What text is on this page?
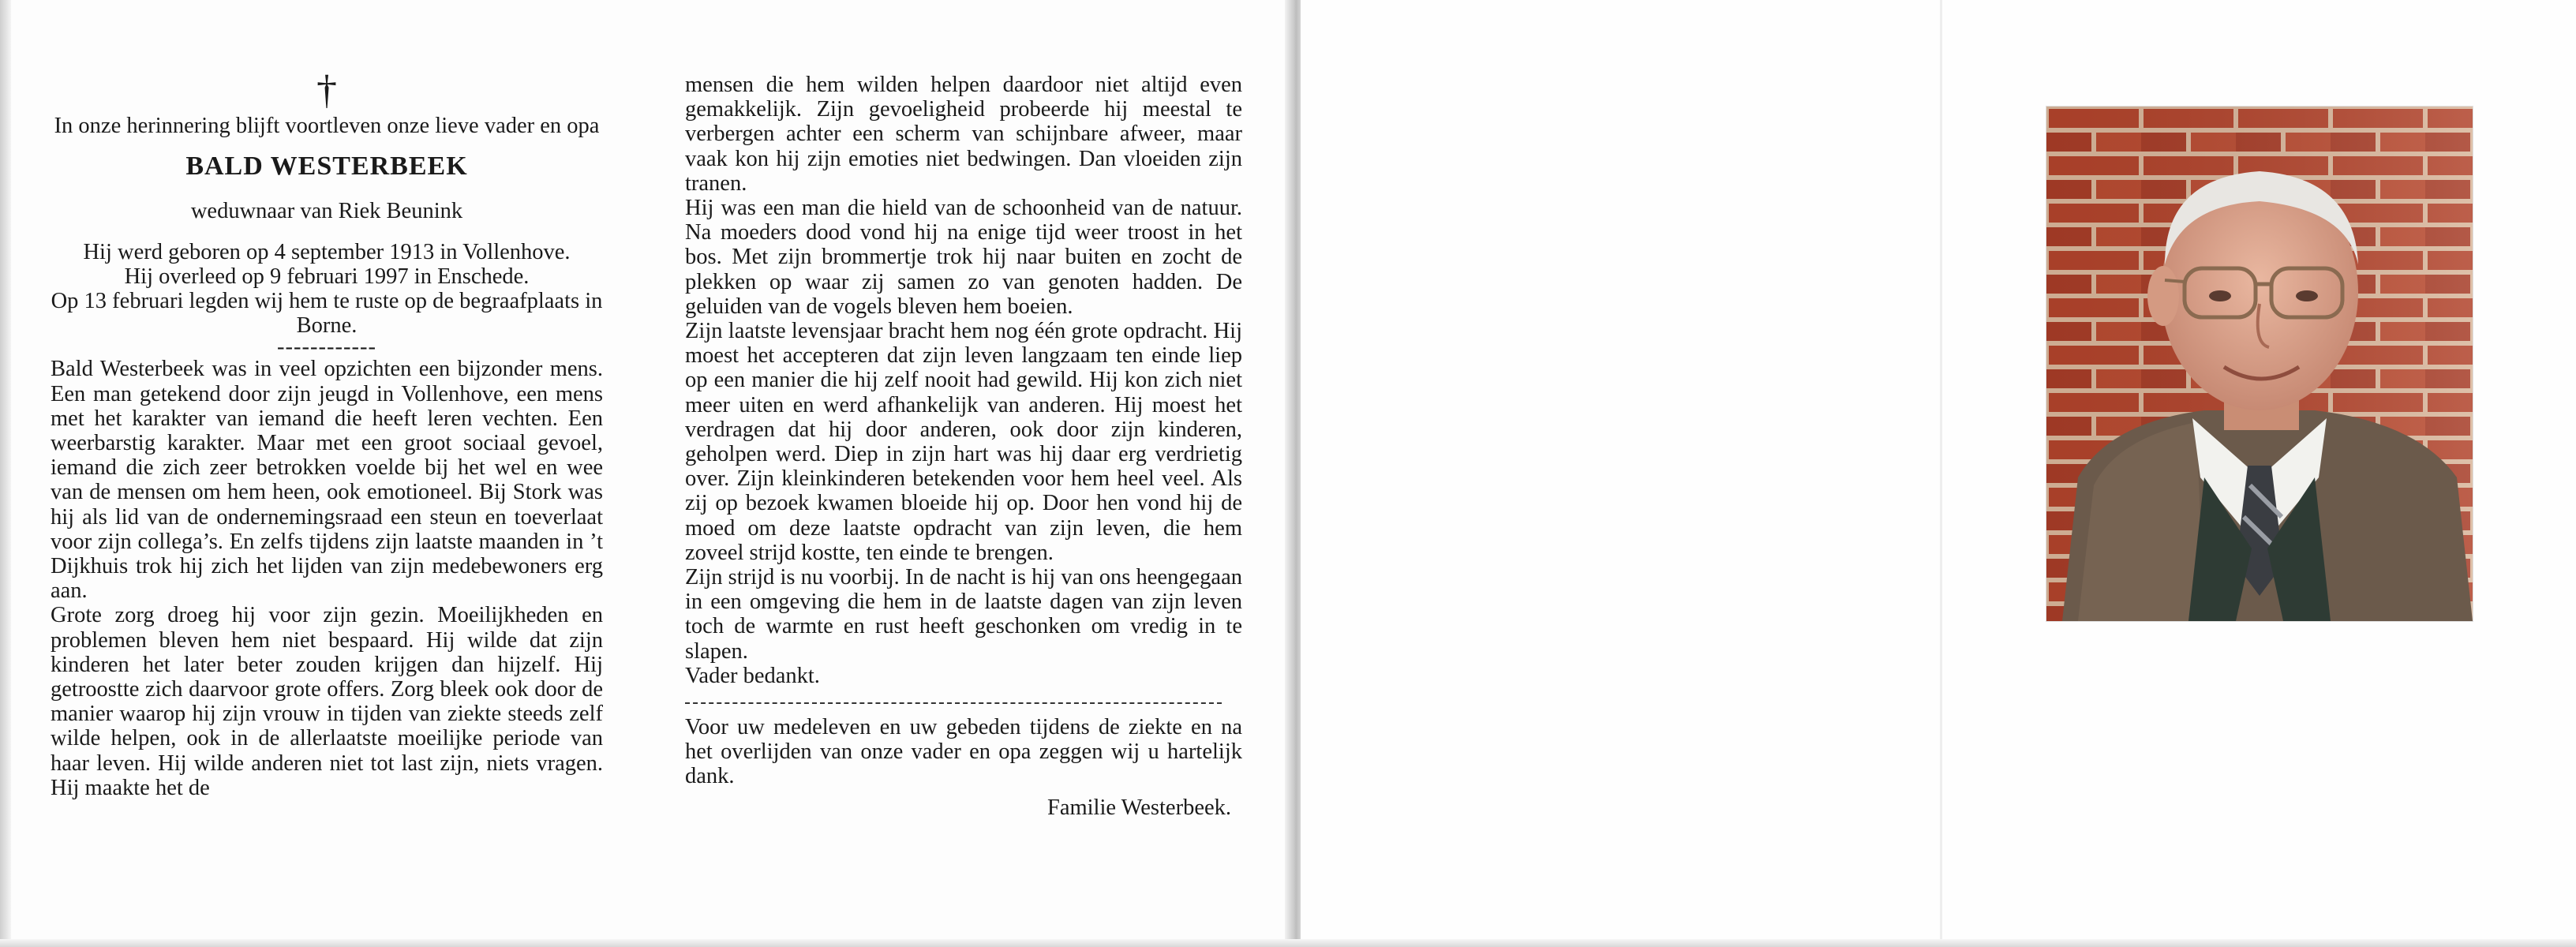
†
In onze herinnering blijft voortleven onze lieve vader en opa
BALD WESTERBEEK
weduwnaar van Riek Beunink
Hij werd geboren op 4 september 1913 in Vollenhove.
Hij overleed op 9 februari 1997 in Enschede.
Op 13 februari legden wij hem te ruste op de begraafplaats in Borne.
------------

Bald Westerbeek was in veel opzichten een bijzonder mens. Een man getekend door zijn jeugd in Vollenhove, een mens met het karakter van iemand die heeft leren vechten. Een weerbarstig karakter. Maar met een groot sociaal gevoel, iemand die zich zeer betrokken voelde bij het wel en wee van de mensen om hem heen, ook emotioneel. Bij Stork was hij als lid van de ondernemingsraad een steun en toeverlaat voor zijn collega’s. En zelfs tijdens zijn laatste maanden in ’t Dijkhuis trok hij zich het lijden van zijn medebewoners erg aan.

Grote zorg droeg hij voor zijn gezin. Moeilijkheden en problemen bleven hem niet bespaard. Hij wilde dat zijn kinderen het later beter zouden krijgen dan hijzelf. Hij getroostte zich daarvoor grote offers. Zorg bleek ook door de manier waarop hij zijn vrouw in tijden van ziekte steeds zelf wilde helpen, ook in de allerlaatste moeilijke periode van haar leven. Hij wilde anderen niet tot last zijn, niets vragen. Hij maakte het de

mensen die hem wilden helpen daardoor niet altijd even gemakkelijk. Zijn gevoeligheid probeerde hij meestal te verbergen achter een scherm van schijnbare afweer, maar vaak kon hij zijn emoties niet bedwingen. Dan vloeiden zijn tranen.

Hij was een man die hield van de schoonheid van de natuur. Na moeders dood vond hij na enige tijd weer troost in het bos. Met zijn brommertje trok hij naar buiten en zocht de plekken op waar zij samen zo van genoten hadden. De geluiden van de vogels bleven hem boeien.

Zijn laatste levensjaar bracht hem nog één grote opdracht. Hij moest het accepteren dat zijn leven langzaam ten einde liep op een manier die hij zelf nooit had gewild. Hij kon zich niet meer uiten en werd afhankelijk van anderen. Hij moest het verdragen dat hij door anderen, ook door zijn kinderen, geholpen werd. Diep in zijn hart was hij daar erg verdrietig over. Zijn kleinkinderen betekenden voor hem heel veel. Als zij op bezoek kwamen bloeide hij op. Door hen vond hij de moed om deze laatste opdracht van zijn leven, die hem zoveel strijd kostte, ten einde te brengen.

Zijn strijd is nu voorbij. In de nacht is hij van ons heengegaan in een omgeving die hem in de laatste dagen van zijn leven toch de warmte en rust heeft geschonken om vredig in te slapen.

Vader bedankt.

Voor uw medeleven en uw gebeden tijdens de ziekte en na het overlijden van onze vader en opa zeggen wij u hartelijk dank.

Familie Westerbeek.
